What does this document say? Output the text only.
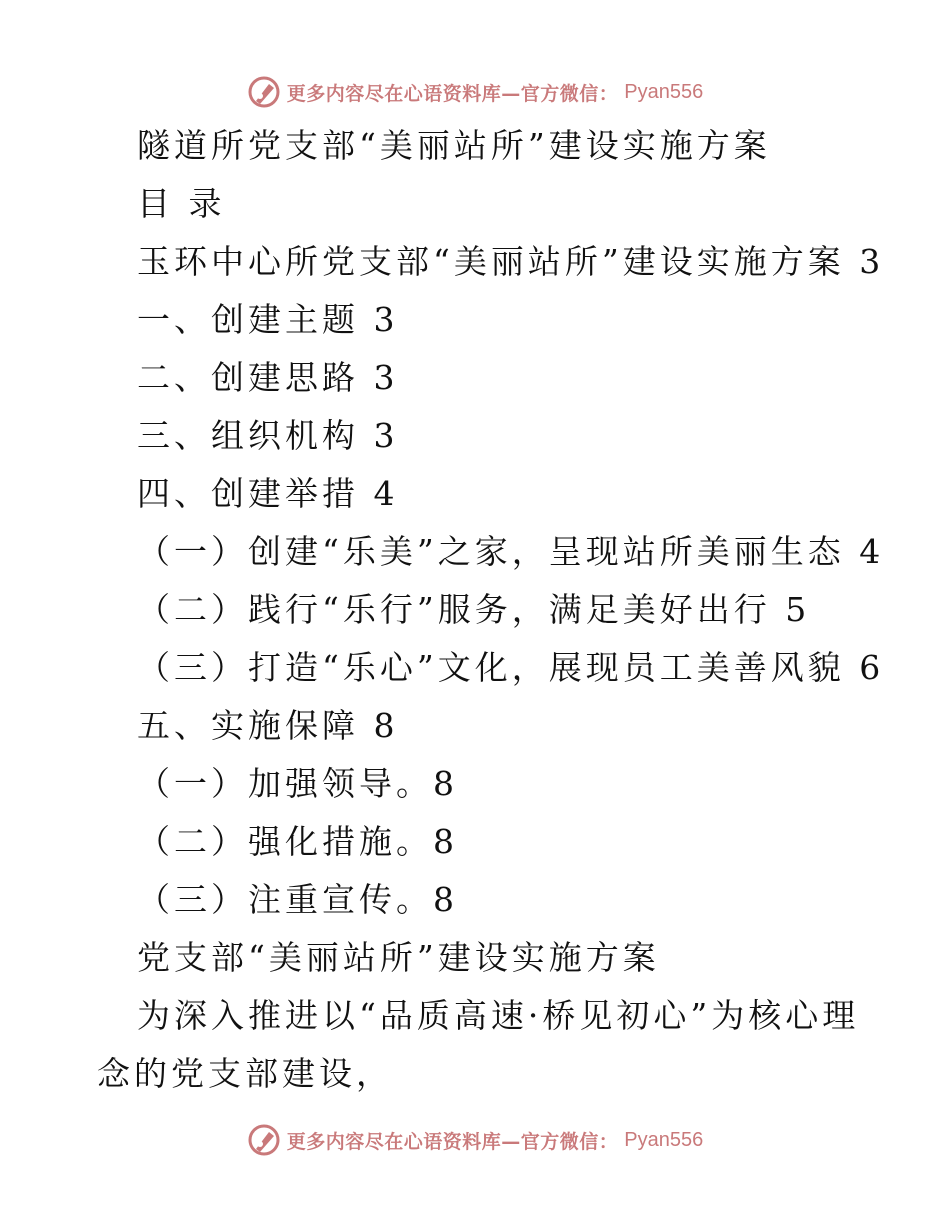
更多内容尽在心语资料库—官方微信： Pyan556
隧道所党支部“美丽站所”建设实施方案
目 录
玉环中心所党支部“美丽站所”建设实施方案 3
一、创建主题 3
二、创建思路 3
三、组织机构 3
四、创建举措 4
（一）创建“乐美”之家，呈现站所美丽生态 4
（二）践行“乐行”服务，满足美好出行 5
（三）打造“乐心”文化，展现员工美善风貌 6
五、实施保障 8
（一）加强领导。8
（二）强化措施。8
（三）注重宣传。8
党支部“美丽站所”建设实施方案
为深入推进以“品质高速·桥见初心”为核心理
念的党支部建设，
更多内容尽在心语资料库—官方微信： Pyan556
